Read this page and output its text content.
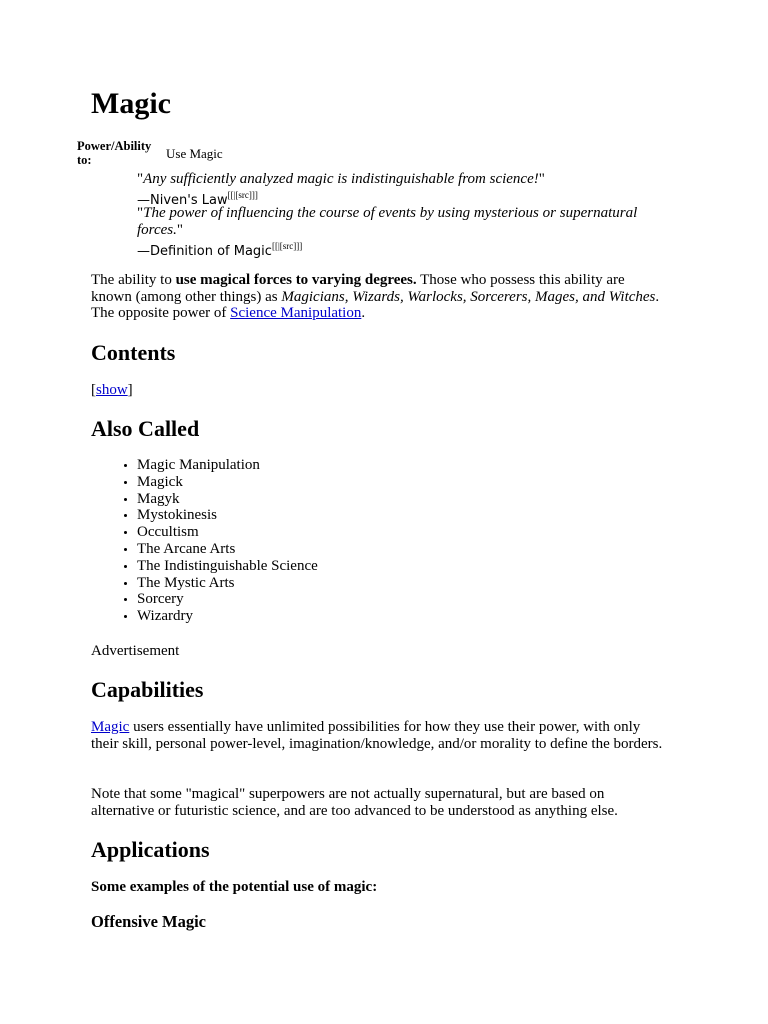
Magic
Power/Ability to:	Use Magic
"Any sufficiently analyzed magic is indistinguishable from science!"
—Niven's Law[[|[src]]]
"The power of influencing the course of events by using mysterious or supernatural forces."
—Definition of Magic[[|[src]]]

The ability to use magical forces to varying degrees. Those who possess this ability are known (among other things) as Magicians, Wizards, Warlocks, Sorcerers, Mages, and Witches. The opposite power of Science Manipulation.

Contents
[show]
Also Called
• Magic Manipulation
• Magick
• Magyk
• Mystokinesis
• Occultism
• The Arcane Arts
• The Indistinguishable Science
• The Mystic Arts
• Sorcery
• Wizardry
Advertisement
Capabilities

Magic users essentially have unlimited possibilities for how they use their power, with only their skill, personal power-level, imagination/knowledge, and/or morality to define the borders.

Note that some "magical" superpowers are not actually supernatural, but are based on alternative or futuristic science, and are too advanced to be understood as anything else.

Applications
Some examples of the potential use of magic:
Offensive Magic
